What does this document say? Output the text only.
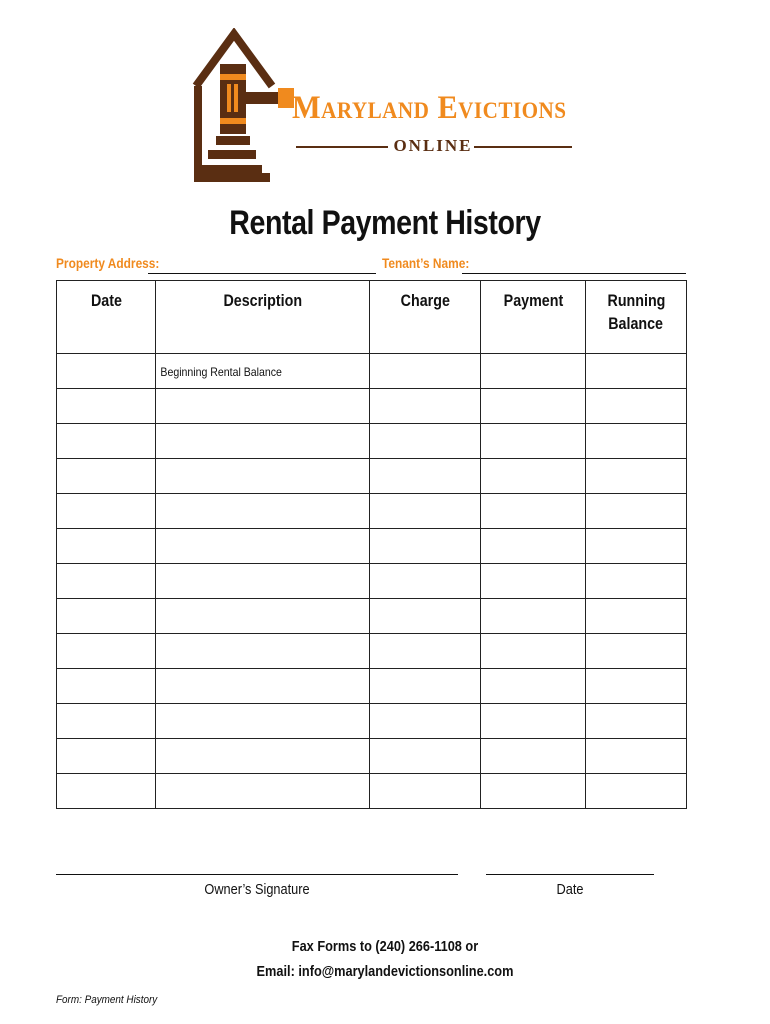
Maryland Evictions
ONLINE
Rental Payment History
Property Address:	Tenant’s Name:
Date	Description	Charge	Payment	Running
Balance
	Beginning Rental Balance			

Owner’s Signature	Date
Fax Forms to (240) 266-1108 or
Email: info@marylandevictionsonline.com
Form: Payment History
